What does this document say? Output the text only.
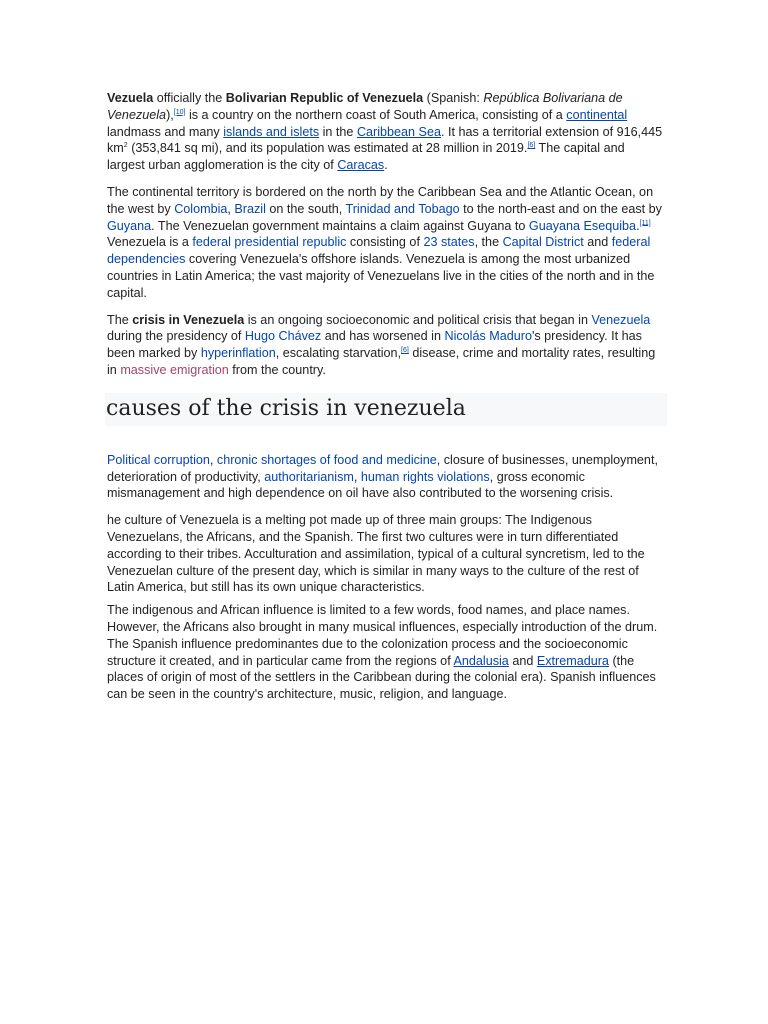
Vezuela officially the Bolivarian Republic of Venezuela (Spanish: República Bolivariana de Venezuela),[10] is a country on the northern coast of South America, consisting of a continental landmass and many islands and islets in the Caribbean Sea. It has a territorial extension of 916,445 $km^2$ (353,841 sq mi), and its population was estimated at 28 million in 2019.[6] The capital and largest urban agglomeration is the city of Caracas.

The continental territory is bordered on the north by the Caribbean Sea and the Atlantic Ocean, on the west by Colombia, Brazil on the south, Trinidad and Tobago to the north-east and on the east by Guyana. The Venezuelan government maintains a claim against Guyana to Guayana Esequiba.[11] Venezuela is a federal presidential republic consisting of 23 states, the Capital District and federal dependencies covering Venezuela's offshore islands. Venezuela is among the most urbanized countries in Latin America; the vast majority of Venezuelans live in the cities of the north and in the capital.

The crisis in Venezuela is an ongoing socioeconomic and political crisis that began in Venezuela during the presidency of Hugo Chávez and has worsened in Nicolás Maduro's presidency. It has been marked by hyperinflation, escalating starvation,[6] disease, crime and mortality rates, resulting in massive emigration from the country.

causes of the crisis in venezuela

Political corruption, chronic shortages of food and medicine, closure of businesses, unemployment, deterioration of productivity, authoritarianism, human rights violations, gross economic mismanagement and high dependence on oil have also contributed to the worsening crisis.

he culture of Venezuela is a melting pot made up of three main groups: The Indigenous Venezuelans, the Africans, and the Spanish. The first two cultures were in turn differentiated according to their tribes. Acculturation and assimilation, typical of a cultural syncretism, led to the Venezuelan culture of the present day, which is similar in many ways to the culture of the rest of Latin America, but still has its own unique characteristics.

The indigenous and African influence is limited to a few words, food names, and place names. However, the Africans also brought in many musical influences, especially introduction of the drum. The Spanish influence predominantes due to the colonization process and the socioeconomic structure it created, and in particular came from the regions of Andalusia and Extremadura (the places of origin of most of the settlers in the Caribbean during the colonial era). Spanish influences can be seen in the country's architecture, music, religion, and language.
